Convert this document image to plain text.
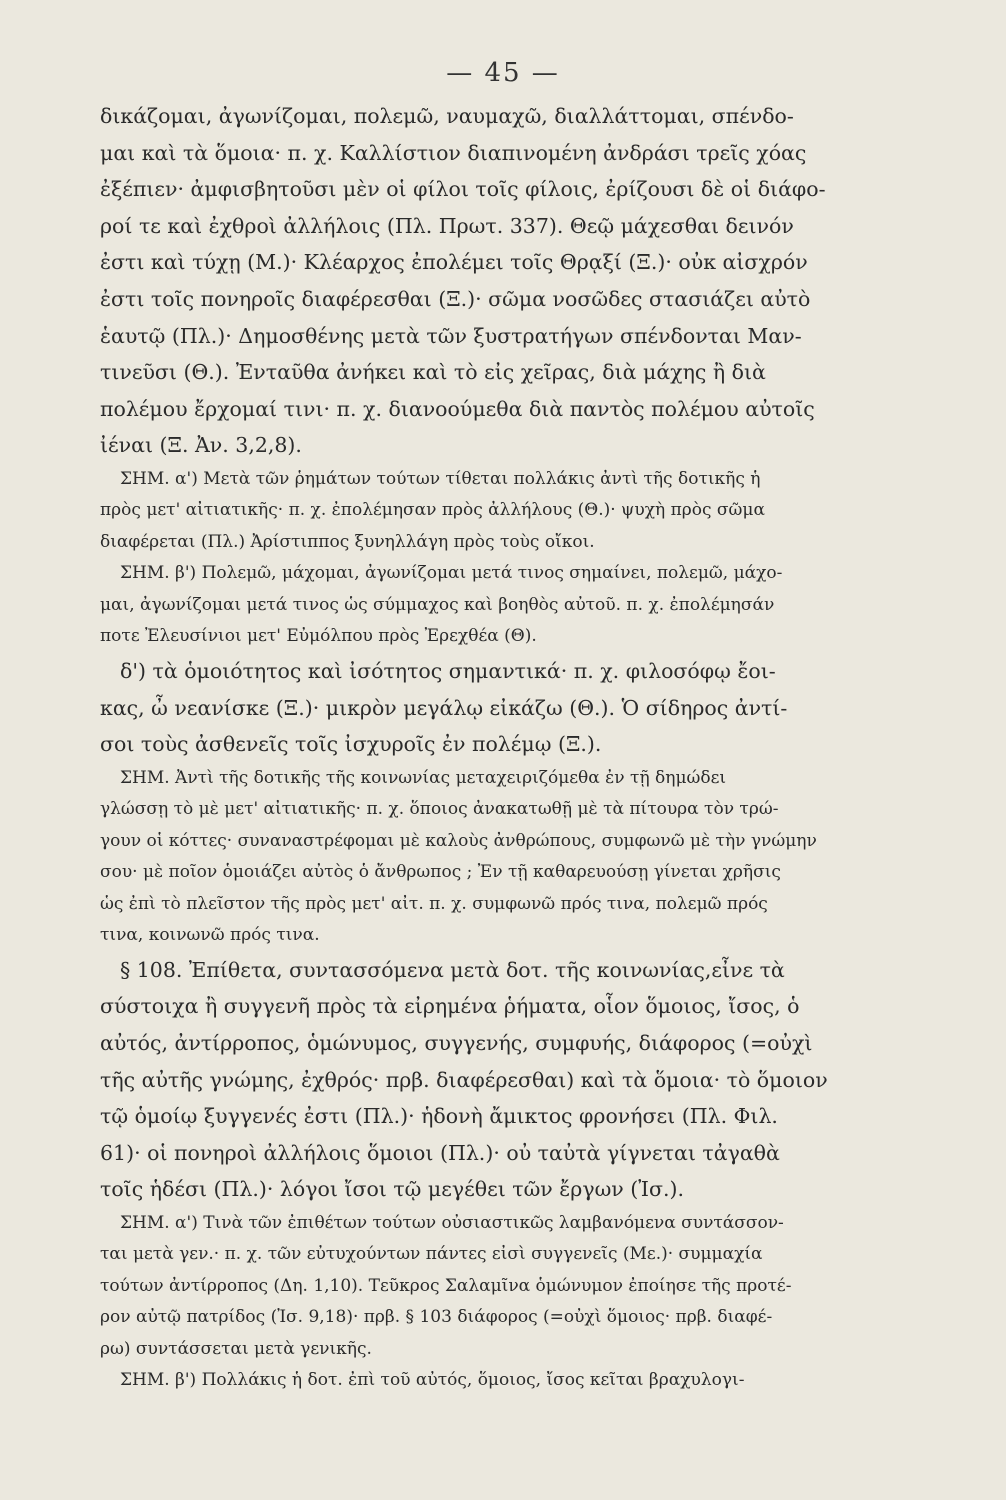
— 45 —
δικάζομαι, ἀγωνίζομαι, πολεμῶ, ναυμαχῶ, διαλλάττομαι, σπένδο-
μαι καὶ τὰ ὅμοια· π. χ. Καλλίστιον διαπινομένη ἀνδράσι τρεῖς χόας
ἐξέπιεν· ἀμφισβητοῦσι μὲν οἱ φίλοι τοῖς φίλοις, ἐρίζουσι δὲ οἱ διάφο-
ροί τε καὶ ἐχθροὶ ἀλλήλοις (Πλ. Πρωτ. 337). Θεῷ μάχεσθαι δεινόν
ἐστι καὶ τύχῃ (Μ.)· Κλέαρχος ἐπολέμει τοῖς Θρᾳξί (Ξ.)· οὐκ αἰσχρόν
ἐστι τοῖς πονηροῖς διαφέρεσθαι (Ξ.)· σῶμα νοσῶδες στασιάζει αὐτὸ
ἑαυτῷ (Πλ.)· Δημοσθένης μετὰ τῶν ξυστρατήγων σπένδονται Μαν-
τινεῦσι (Θ.). Ἐνταῦθα ἀνήκει καὶ τὸ εἰς χεῖρας, διὰ μάχης ἢ διὰ
πολέμου ἔρχομαί τινι· π. χ. διανοούμεθα διὰ παντὸς πολέμου αὐτοῖς
ἰέναι (Ξ. Ἀν. 3,2,8).
ΣΗΜ. α') Μετὰ τῶν ῥημάτων τούτων τίθεται πολλάκις ἀντὶ τῆς δοτικῆς ἡ
πρὸς μετ' αἰτιατικῆς· π. χ. ἐπολέμησαν πρὸς ἀλλήλους (Θ.)· ψυχὴ πρὸς σῶμα
διαφέρεται (Πλ.) Ἀρίστιππος ξυνηλλάγη πρὸς τοὺς οἴκοι.
ΣΗΜ. β') Πολεμῶ, μάχομαι, ἀγωνίζομαι μετά τινος σημαίνει, πολεμῶ, μάχο-
μαι, ἀγωνίζομαι μετά τινος ὡς σύμμαχος καὶ βοηθὸς αὐτοῦ. π. χ. ἐπολέμησάν
ποτε Ἐλευσίνιοι μετ' Εὐμόλπου πρὸς Ἐρεχθέα (Θ).
δ') τὰ ὁμοιότητος καὶ ἰσότητος σημαντικά· π. χ. φιλοσόφῳ ἔοι-
κας, ὦ νεανίσκε (Ξ.)· μικρὸν μεγάλῳ εἰκάζω (Θ.). Ὁ σίδηρος ἀντί-
σοι τοὺς ἀσθενεῖς τοῖς ἰσχυροῖς ἐν πολέμῳ (Ξ.).
ΣΗΜ. Ἀντὶ τῆς δοτικῆς τῆς κοινωνίας μεταχειριζόμεθα ἐν τῇ δημώδει
γλώσσῃ τὸ μὲ μετ' αἰτιατικῆς· π. χ. ὅποιος ἀνακατωθῇ μὲ τὰ πίτουρα τὸν τρώ-
γουν οἱ κόττες· συναναστρέφομαι μὲ καλοὺς ἀνθρώπους, συμφωνῶ μὲ τὴν γνώμην
σου· μὲ ποῖον ὁμοιάζει αὐτὸς ὁ ἄνθρωπος ; Ἐν τῇ καθαρευούσῃ γίνεται χρῆσις
ὡς ἐπὶ τὸ πλεῖστον τῆς πρὸς μετ' αἰτ. π. χ. συμφωνῶ πρός τινα, πολεμῶ πρός
τινα, κοινωνῶ πρός τινα.
§ 108. Ἐπίθετα, συντασσόμενα μετὰ δοτ. τῆς κοινωνίας,εἶνε τὰ
σύστοιχα ἢ συγγενῆ πρὸς τὰ εἰρημένα ῥήματα, οἷον ὅμοιος, ἴσος, ὁ
αὐτός, ἀντίρροπος, ὁμώνυμος, συγγενής, συμφυής, διάφορος (=οὐχὶ
τῆς αὐτῆς γνώμης, ἐχθρός· πρβ. διαφέρεσθαι) καὶ τὰ ὅμοια· τὸ ὅμοιον
τῷ ὁμοίῳ ξυγγενές ἐστι (Πλ.)· ἡδονὴ ἄμικτος φρονήσει (Πλ. Φιλ.
61)· οἱ πονηροὶ ἀλλήλοις ὅμοιοι (Πλ.)· οὐ ταὐτὰ γίγνεται τἀγαθὰ
τοῖς ἡδέσι (Πλ.)· λόγοι ἴσοι τῷ μεγέθει τῶν ἔργων (Ἰσ.).
ΣΗΜ. α') Τινὰ τῶν ἐπιθέτων τούτων οὐσιαστικῶς λαμβανόμενα συντάσσον-
ται μετὰ γεν.· π. χ. τῶν εὐτυχούντων πάντες εἰσὶ συγγενεῖς (Με.)· συμμαχία
τούτων ἀντίρροπος (Δη. 1,10). Τεῦκρος Σαλαμῖνα ὁμώνυμον ἐποίησε τῆς προτέ-
ρον αὐτῷ πατρίδος (Ἰσ. 9,18)· πρβ. § 103 διάφορος (=οὐχὶ ὅμοιος· πρβ. διαφέ-
ρω) συντάσσεται μετὰ γενικῆς.
ΣΗΜ. β') Πολλάκις ἡ δοτ. ἐπὶ τοῦ αὐτός, ὅμοιος, ἴσος κεῖται βραχυλογι-
